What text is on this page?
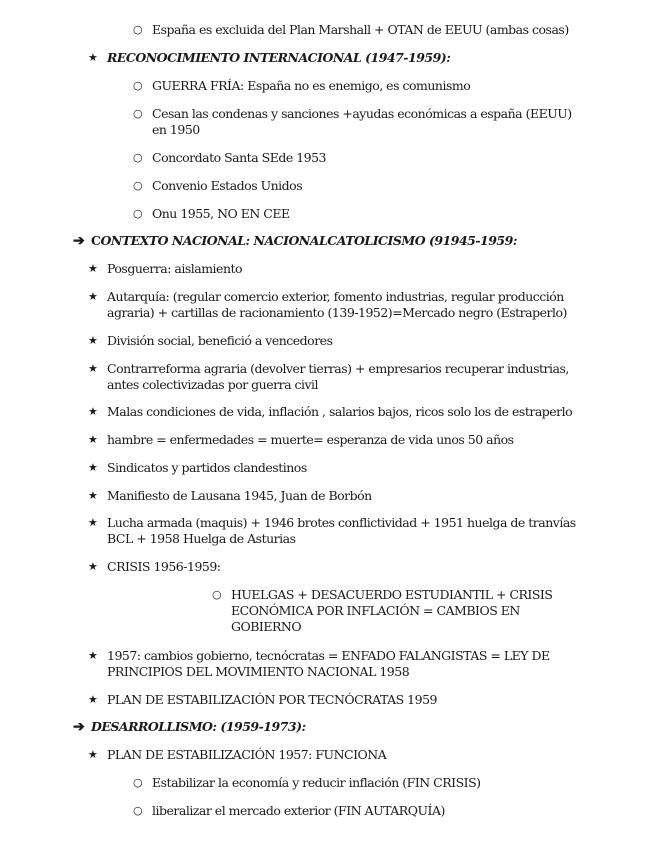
○ España es excluida del Plan Marshall + OTAN de EEUU (ambas cosas)
★ RECONOCIMIENTO INTERNACIONAL (1947-1959):
○ GUERRA FRÍA: España no es enemigo, es comunismo
○ Cesan las condenas y sanciones +ayudas económicas a españa (EEUU) en 1950
○ Concordato Santa SEde 1953
○ Convenio Estados Unidos
○ Onu 1955, NO EN CEE
➔ C ONTEXTO NACIONAL: NACIONALCATOLICISMO (91945-1959:
★ Posguerra: aislamiento
★ Autarquía: (regular comercio exterior, fomento industrias, regular producción agraria) + cartillas de racionamiento (139-1952)=Mercado negro (Estraperlo)
★ División social, benefició a vencedores
★ Contrarreforma agraria (devolver tierras) + empresarios recuperar industrias, antes colectivizadas por guerra civil
★ Malas condiciones de vida, inflación , salarios bajos, ricos solo los de estraperlo
★ hambre = enfermedades = muerte= esperanza de vida unos 50 años
★ Sindicatos y partidos clandestinos
★ Manifiesto de Lausana 1945, Juan de Borbón
★ Lucha armada (maquis) + 1946 brotes conflictividad + 1951 huelga de tranvías BCL + 1958 Huelga de Asturias
★ CRISIS 1956-1959:
○ HUELGAS + DESACUERDO ESTUDIANTIL + CRISIS ECONÓMICA POR INFLACIÓN = CAMBIOS EN GOBIERNO
★ 1957: cambios gobierno, tecnócratas = ENFADO FALANGISTAS = LEY DE PRINCIPIOS DEL MOVIMIENTO NACIONAL 1958
★ PLAN DE ESTABILIZACIÓN POR TECNÓCRATAS 1959
➔ DESARROLLISMO: (1959-1973):
★ PLAN DE ESTABILIZACIÓN 1957: FUNCIONA
○ Estabilizar la economía y reducir inflación (FIN CRISIS)
○ liberalizar el mercado exterior (FIN AUTARQUÍA)
